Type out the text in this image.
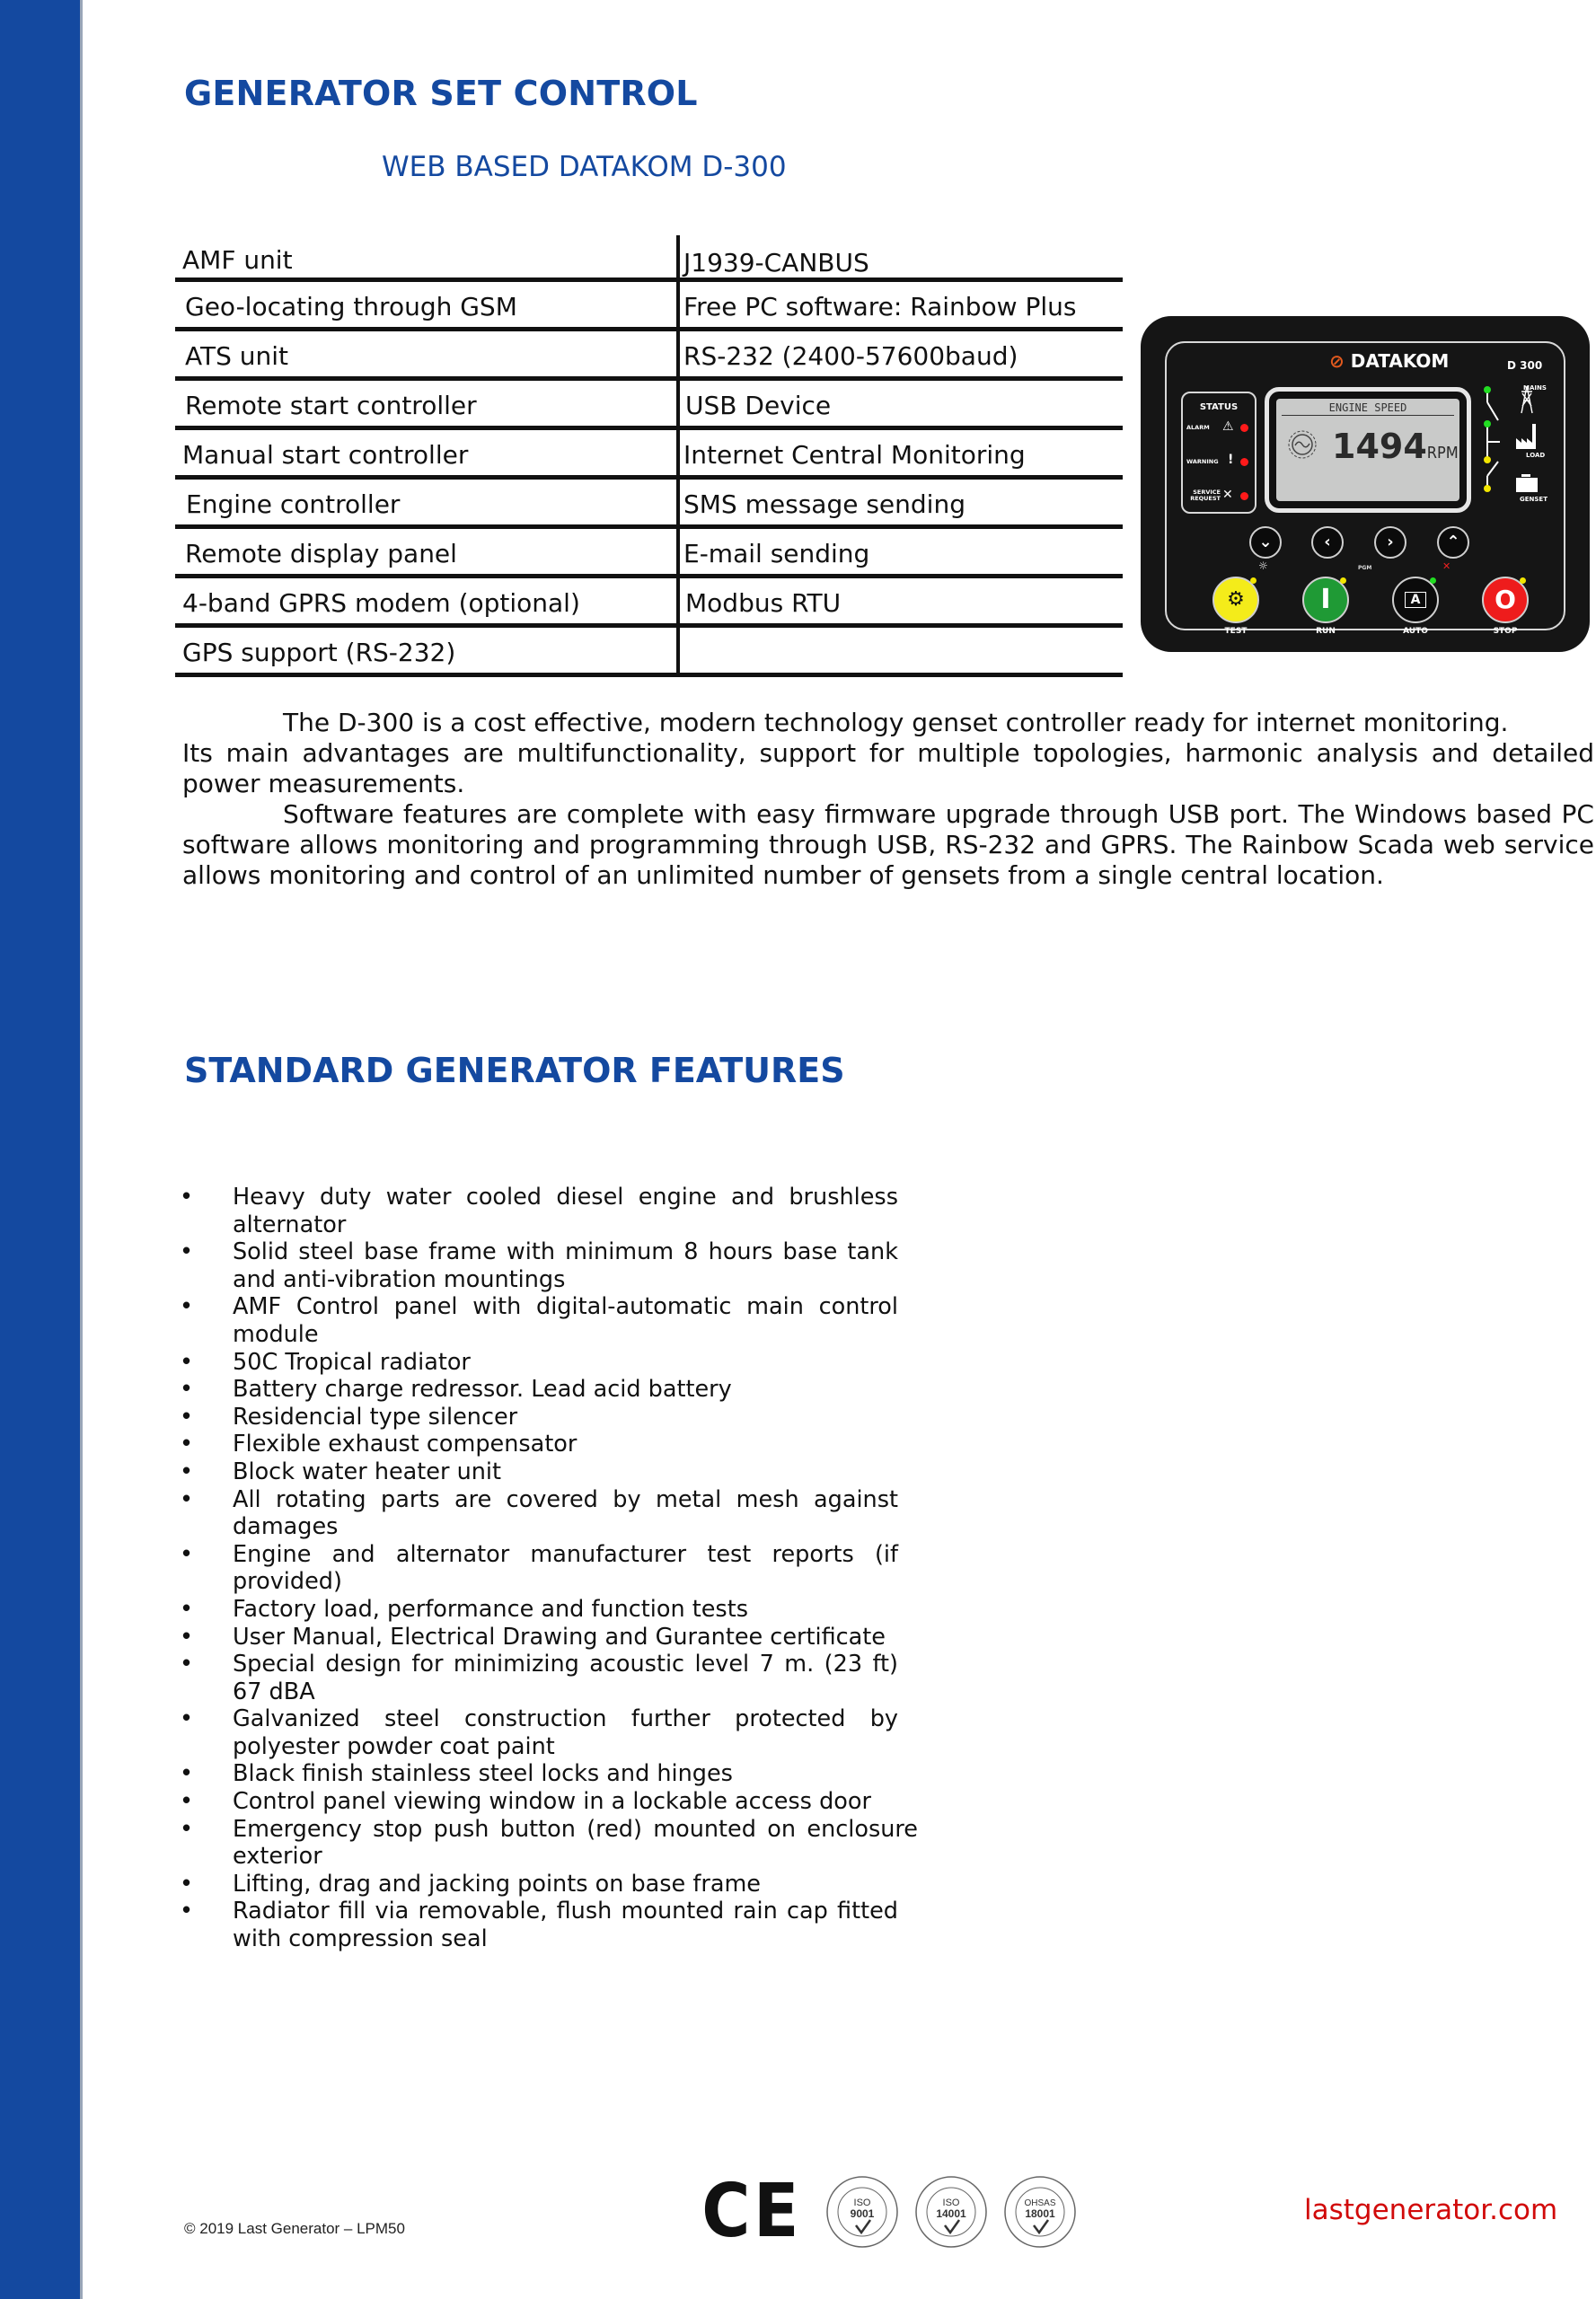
GENERATOR SET CONTROL
WEB BASED DATAKOM D-300
AMF unit	J1939-CANBUS
Geo-locating through GSM	Free PC software: Rainbow Plus
ATS unit	RS-232 (2400-57600baud)
Remote start controller	USB Device
Manual start controller	Internet Central Monitoring
Engine controller	SMS message sending
Remote display panel	E-mail sending
4-band GPRS modem (optional)	Modbus RTU
GPS support (RS-232)
⊘ DATAKOM	D 300
STATUS
ALARM ⚠
WARNING !
SERVICE REQUEST ✕
ENGINE SPEED
1494RPM
MAINS
LOAD
GENSET
⌄	‹	›	⌃
☼	PGM	✕
⚙
TEST
I
RUN
A
AUTO
O
STOP

The D-300 is a cost effective, modern technology genset controller ready for internet monitoring.

Its main advantages are multifunctionality, support for multiple topologies, harmonic analysis and detailed power measurements.

Software features are complete with easy firmware upgrade through USB port. The Windows based PC software allows monitoring and programming through USB, RS-232 and GPRS. The Rainbow Scada web service allows monitoring and control of an unlimited number of gensets from a single central location.

STANDARD GENERATOR FEATURES
• Heavy duty water cooled diesel engine and brushless alternator
• Solid steel base frame with minimum 8 hours base tank and anti-vibration mountings
• AMF Control panel with digital-automatic main control module
• 50C Tropical radiator
• Battery charge redressor. Lead acid battery
• Residencial type silencer
• Flexible exhaust compensator
• Block water heater unit
• All rotating parts are covered by metal mesh against damages
• Engine and alternator manufacturer test reports (if provided)
• Factory load, performance and function tests
• User Manual, Electrical Drawing and Gurantee certificate
• Special design for minimizing acoustic level 7 m. (23 ft) 67 dBA
• Galvanized steel construction further protected by polyester powder coat paint
• Black finish stainless steel locks and hinges
• Control panel viewing window in a lockable access door
• Emergency stop push button (red) mounted on enclosure exterior
• Lifting, drag and jacking points on base frame
• Radiator fill via removable, flush mounted rain cap fitted with compression seal
© 2019 Last Generator – LPM50	CE	ISO
9001
ISO
14001
OHSAS
18001	lastgenerator.com
